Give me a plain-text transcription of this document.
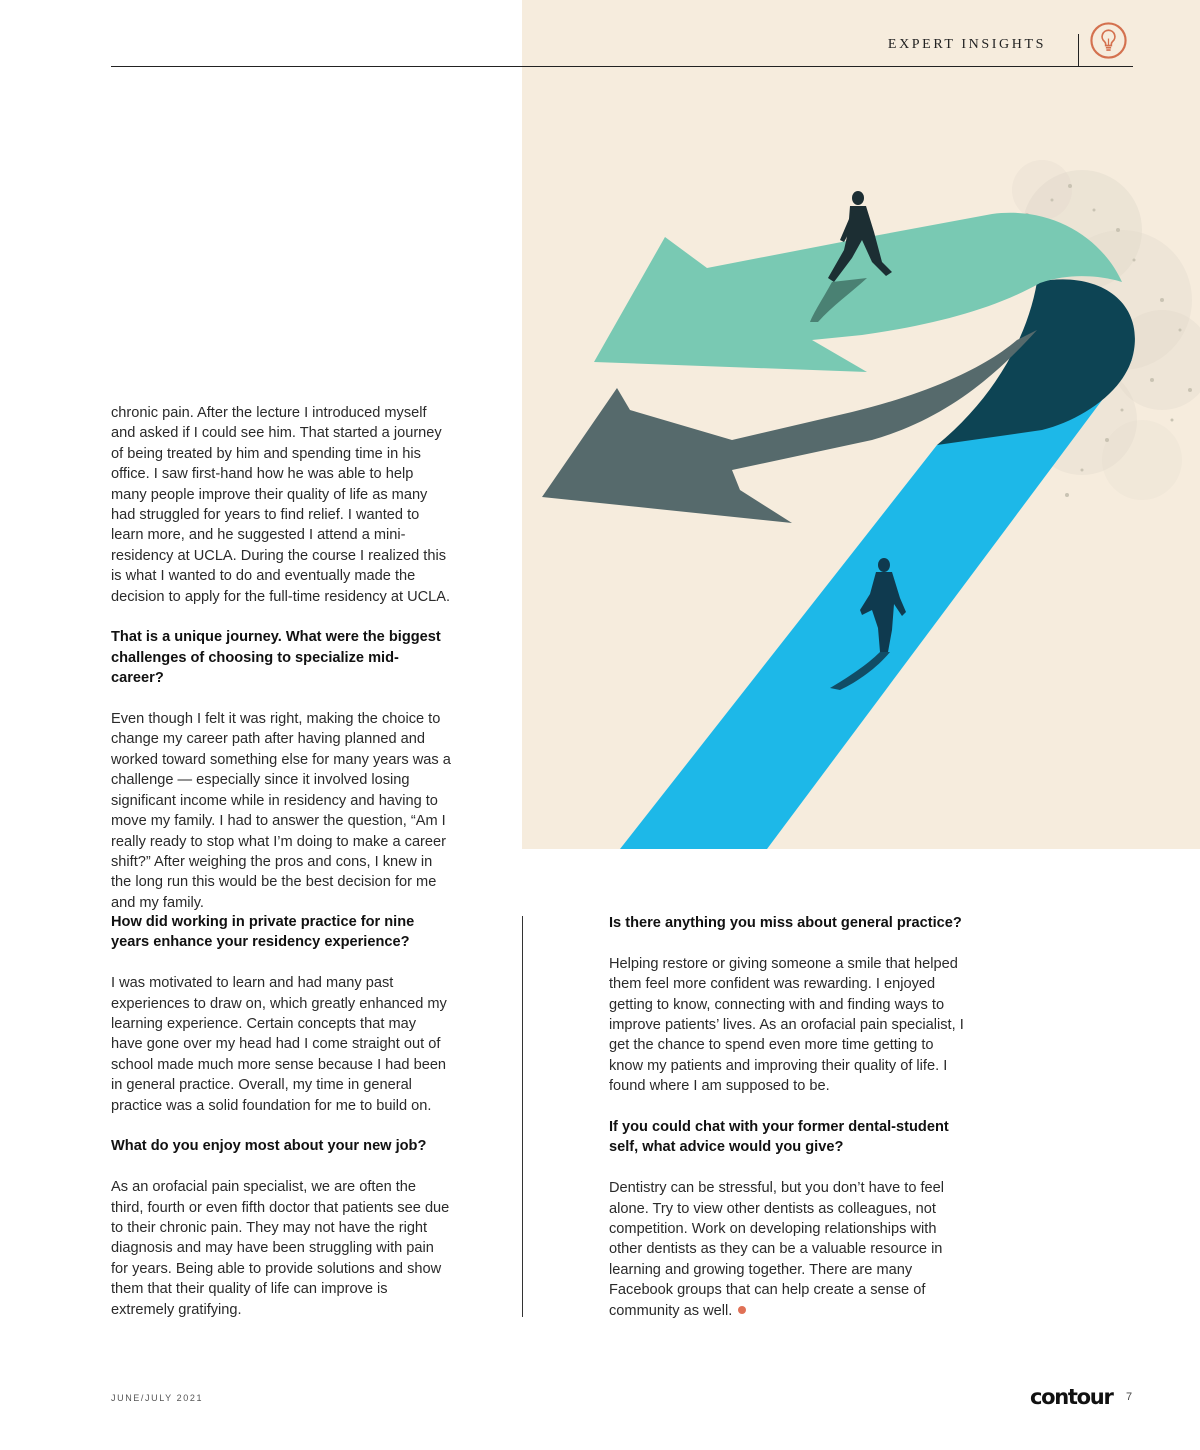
EXPERT INSIGHTS

chronic pain. After the lecture I introduced myself and asked if I could see him. That started a journey of being treated by him and spending time in his office. I saw first-hand how he was able to help many people improve their quality of life as many had struggled for years to find relief. I wanted to learn more, and he suggested I attend a mini-residency at UCLA. During the course I realized this is what I wanted to do and eventually made the decision to apply for the full-time residency at UCLA.

That is a unique journey. What were the biggest challenges of choosing to specialize mid-career?

Even though I felt it was right, making the choice to change my career path after having planned and worked toward something else for many years was a challenge — especially since it involved losing significant income while in residency and having to move my family. I had to answer the question, “Am I really ready to stop what I’m doing to make a career shift?” After weighing the pros and cons, I knew in the long run this would be the best decision for me and my family.

How did working in private practice for nine years enhance your residency experience?

I was motivated to learn and had many past experiences to draw on, which greatly enhanced my learning experience. Certain concepts that may have gone over my head had I come straight out of school made much more sense because I had been in general practice. Overall, my time in general practice was a solid foundation for me to build on.

What do you enjoy most about your new job?

As an orofacial pain specialist, we are often the third, fourth or even fifth doctor that patients see due to their chronic pain. They may not have the right diagnosis and may have been struggling with pain for years. Being able to provide solutions and show them that their quality of life can improve is extremely gratifying.

Is there anything you miss about general practice?

Helping restore or giving someone a smile that helped them feel more confident was rewarding. I enjoyed getting to know, connecting with and finding ways to improve patients’ lives. As an orofacial pain specialist, I get the chance to spend even more time getting to know my patients and improving their quality of life. I found where I am supposed to be.

If you could chat with your former dental-student self, what advice would you give?

Dentistry can be stressful, but you don’t have to feel alone. Try to view other dentists as colleagues, not competition. Work on developing relationships with other dentists as they can be a valuable resource in learning and growing together. There are many Facebook groups that can help create a sense of community as well.

JUNE/JULY 2021	contour 7
